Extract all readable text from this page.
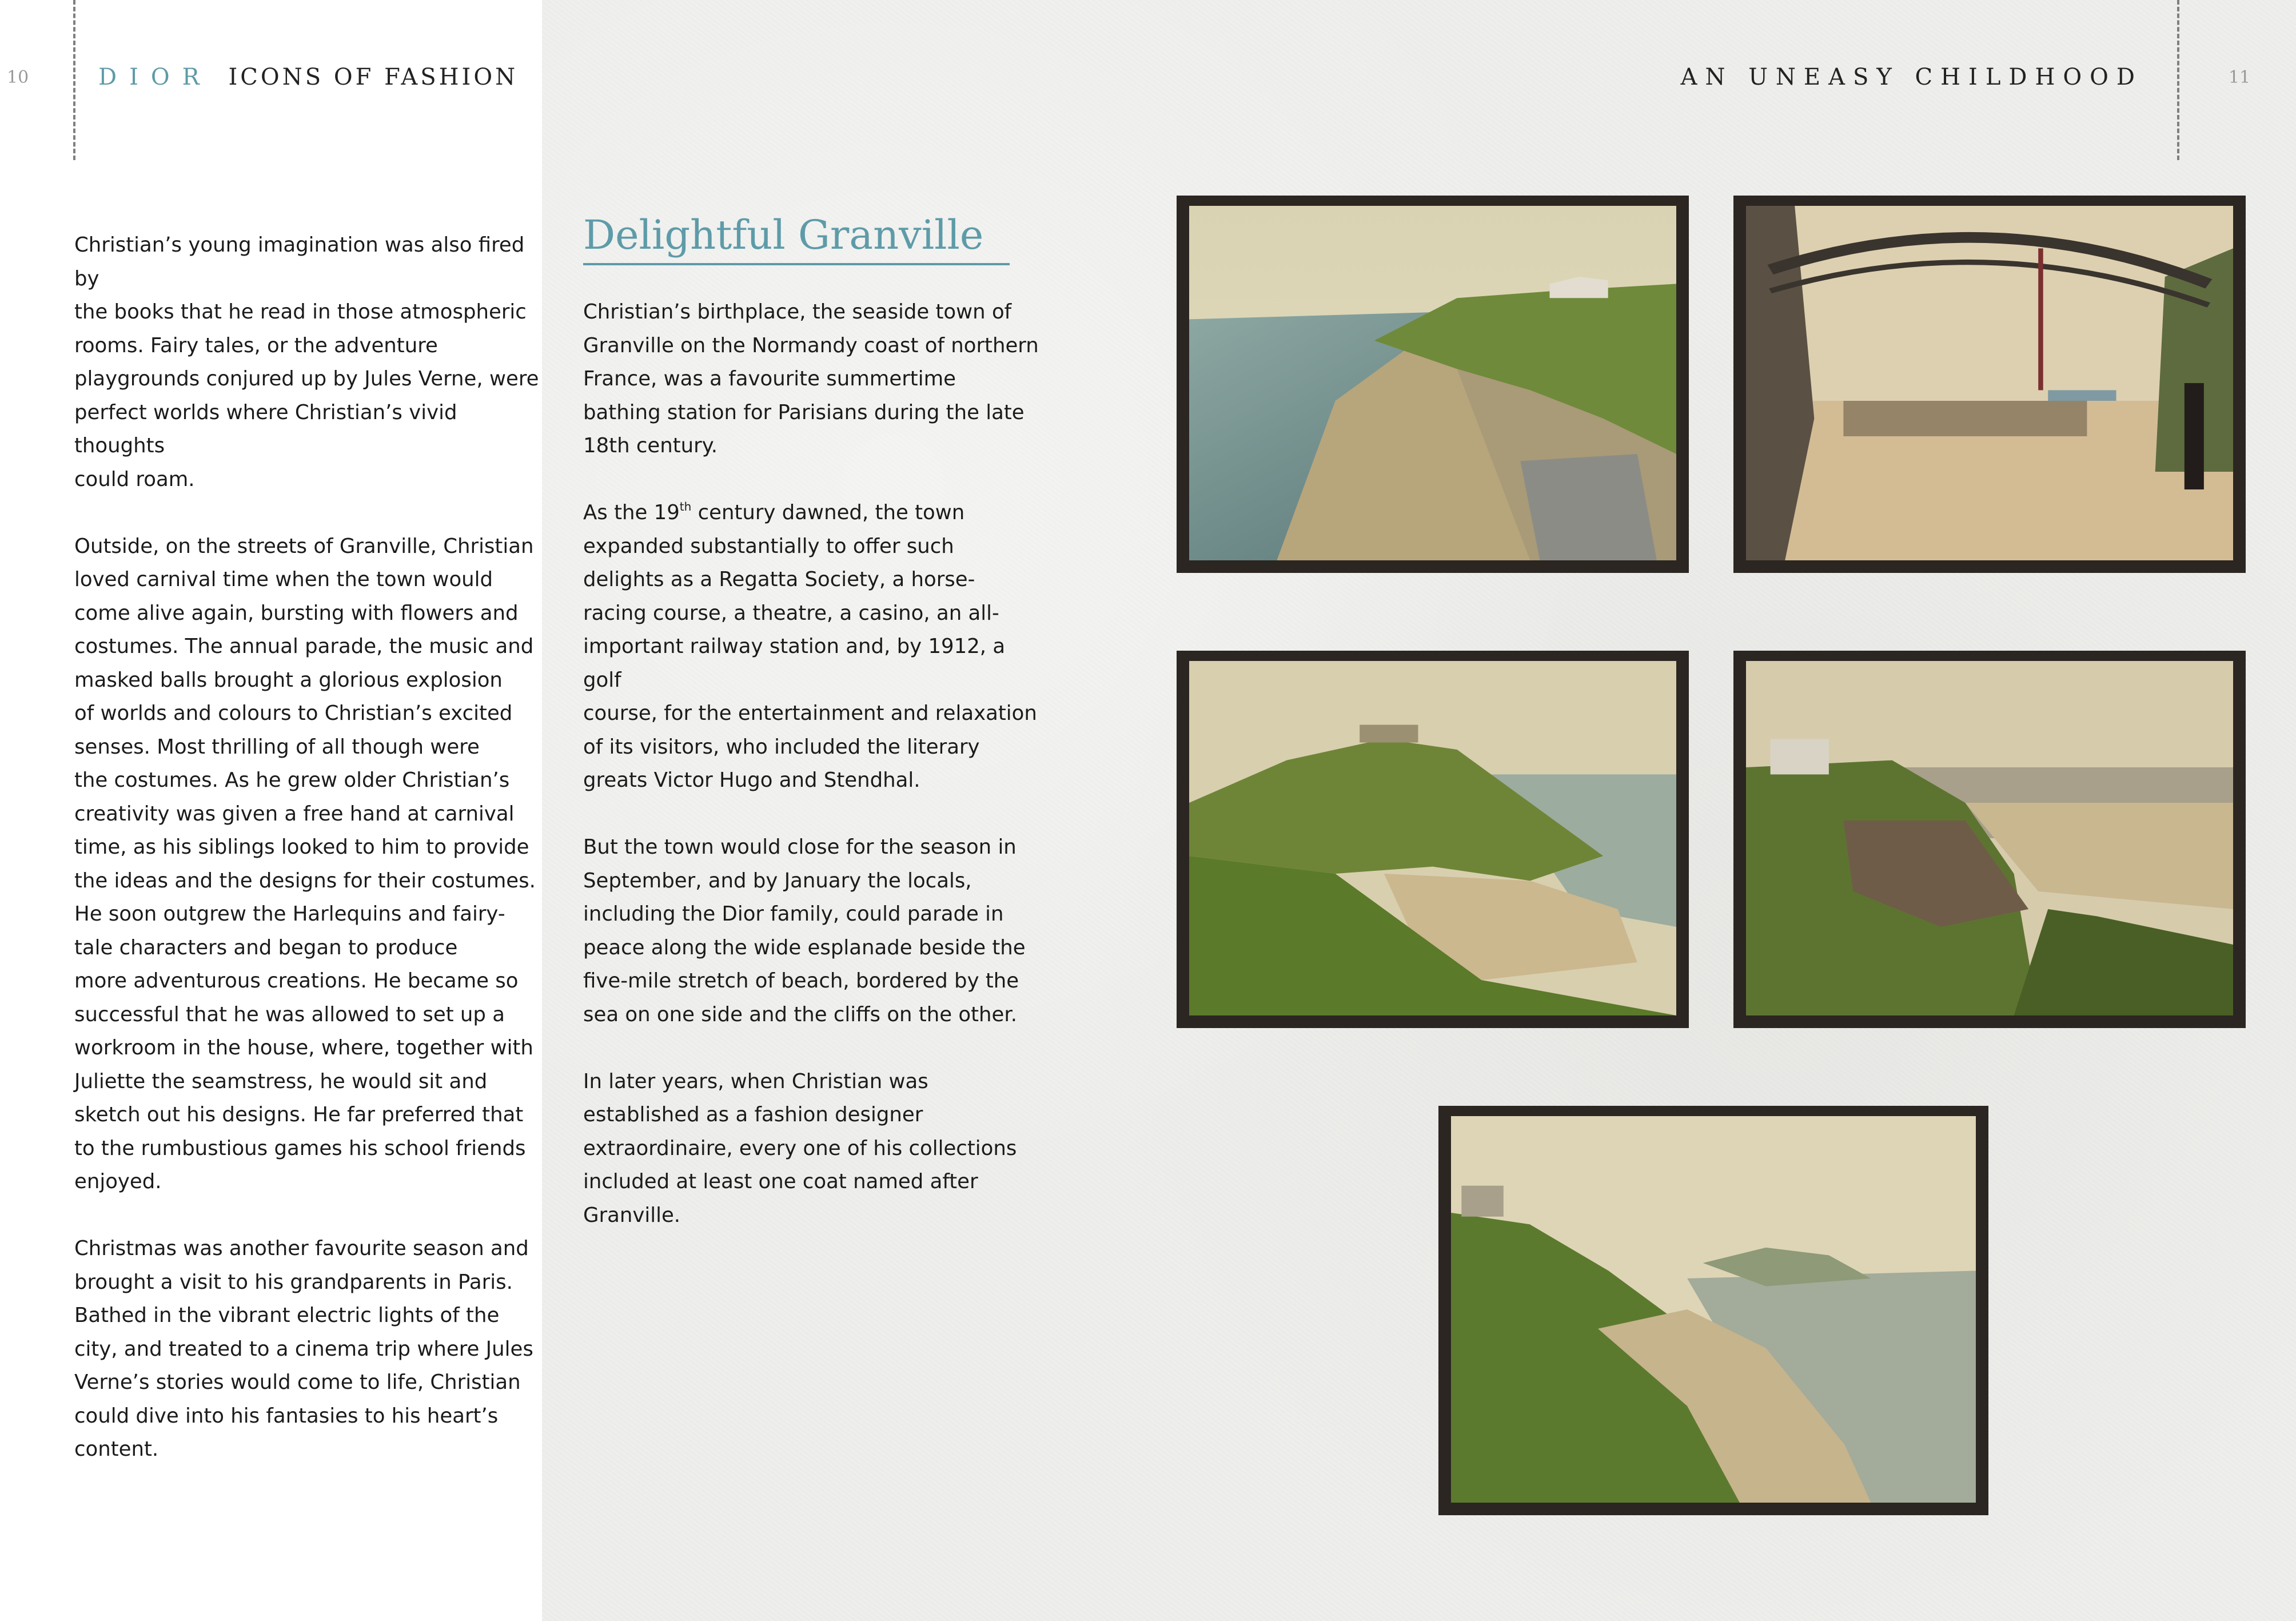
10	DIOR ICONS OF FASHION	AN UNEASY CHILDHOOD	11

Christian’s young imagination was also fired by
the books that he read in those atmospheric
rooms. Fairy tales, or the adventure
playgrounds conjured up by Jules Verne, were
perfect worlds where Christian’s vivid thoughts
could roam.

Outside, on the streets of Granville, Christian
loved carnival time when the town would
come alive again, bursting with flowers and
costumes. The annual parade, the music and
masked balls brought a glorious explosion
of worlds and colours to Christian’s excited
senses. Most thrilling of all though were
the costumes. As he grew older Christian’s
creativity was given a free hand at carnival
time, as his siblings looked to him to provide
the ideas and the designs for their costumes.
He soon outgrew the Harlequins and fairy-
tale characters and began to produce
more adventurous creations. He became so
successful that he was allowed to set up a
workroom in the house, where, together with
Juliette the seamstress, he would sit and
sketch out his designs. He far preferred that
to the rumbustious games his school friends
enjoyed.

Christmas was another favourite season and
brought a visit to his grandparents in Paris.
Bathed in the vibrant electric lights of the
city, and treated to a cinema trip where Jules
Verne’s stories would come to life, Christian
could dive into his fantasies to his heart’s
content.

Delightful Granville

Christian’s birthplace, the seaside town of
Granville on the Normandy coast of northern
France, was a favourite summertime
bathing station for Parisians during the late
18th century.

As the 19th century dawned, the town
expanded substantially to offer such
delights as a Regatta Society, a horse-
racing course, a theatre, a casino, an all-
important railway station and, by 1912, a golf
course, for the entertainment and relaxation
of its visitors, who included the literary
greats Victor Hugo and Stendhal.

But the town would close for the season in
September, and by January the locals,
including the Dior family, could parade in
peace along the wide esplanade beside the
five-mile stretch of beach, bordered by the
sea on one side and the cliffs on the other.

In later years, when Christian was
established as a fashion designer
extraordinaire, every one of his collections
included at least one coat named after
Granville.
